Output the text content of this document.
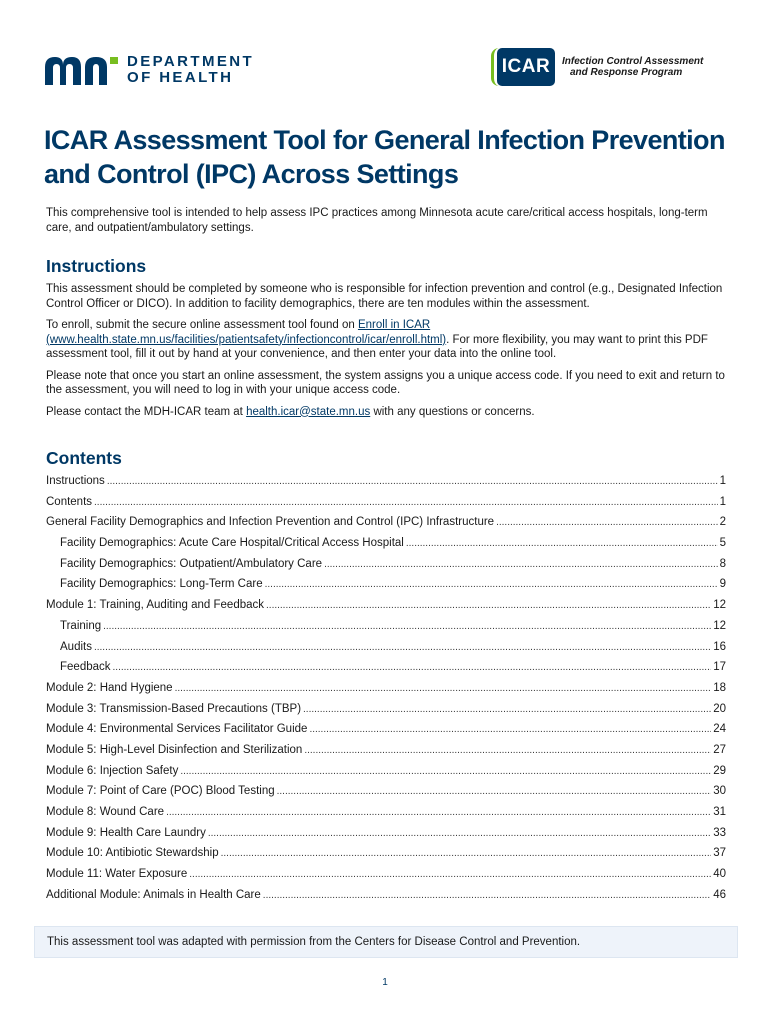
DEPARTMENT
OF HEALTH
ICAR	Infection Control Assessment
and Response Program
ICAR Assessment Tool for General Infection Prevention and Control (IPC) Across Settings

This comprehensive tool is intended to help assess IPC practices among Minnesota acute care/critical access hospitals, long-term care, and outpatient/ambulatory settings.

Instructions

This assessment should be completed by someone who is responsible for infection prevention and control (e.g., Designated Infection Control Officer or DICO). In addition to facility demographics, there are ten modules within the assessment.

To enroll, submit the secure online assessment tool found on Enroll in ICAR (www.health.state.mn.us/facilities/patientsafety/infectioncontrol/icar/enroll.html). For more flexibility, you may want to print this PDF assessment tool, fill it out by hand at your convenience, and then enter your data into the online tool.

Please note that once you start an online assessment, the system assigns you a unique access code. If you need to exit and return to the assessment, you will need to log in with your unique access code.

Please contact the MDH-ICAR team at health.icar@state.mn.us with any questions or concerns.

Contents
Instructions .....	1
Contents .....	1
General Facility Demographics and Infection Prevention and Control (IPC) Infrastructure .....	2
Facility Demographics: Acute Care Hospital/Critical Access Hospital .....	5
Facility Demographics: Outpatient/Ambulatory Care .....	8
Facility Demographics: Long-Term Care .....	9
Module 1: Training, Auditing and Feedback .....	12
Training .....	12
Audits .....	16
Feedback .....	17
Module 2: Hand Hygiene .....	18
Module 3: Transmission-Based Precautions (TBP) .....	20
Module 4: Environmental Services Facilitator Guide .....	24
Module 5: High-Level Disinfection and Sterilization .....	27
Module 6: Injection Safety .....	29
Module 7: Point of Care (POC) Blood Testing .....	30
Module 8: Wound Care .....	31
Module 9: Health Care Laundry .....	33
Module 10: Antibiotic Stewardship .....	37
Module 11: Water Exposure .....	40
Additional Module: Animals in Health Care .....	46
This assessment tool was adapted with permission from the Centers for Disease Control and Prevention.
1
